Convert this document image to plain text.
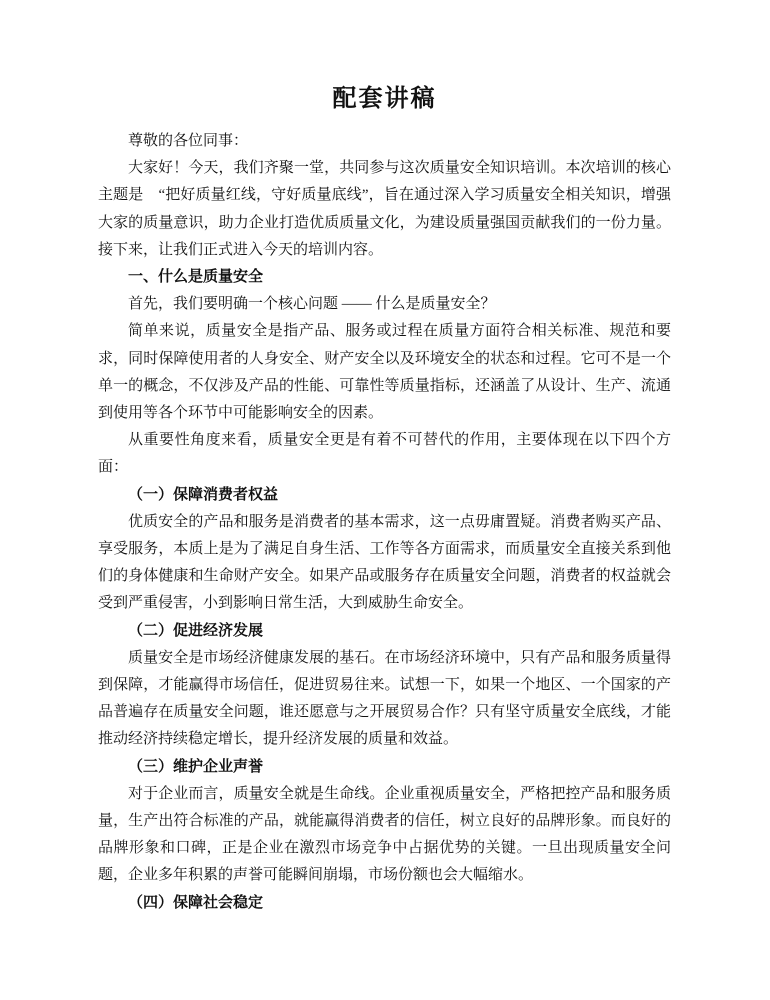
配套讲稿

尊敬的各位同事：

大家好！今天，我们齐聚一堂，共同参与这次质量安全知识培训。本次培训的核心主题是　“把好质量红线，守好质量底线”，旨在通过深入学习质量安全相关知识，增强大家的质量意识，助力企业打造优质质量文化，为建设质量强国贡献我们的一份力量。接下来，让我们正式进入今天的培训内容。

一、什么是质量安全

首先，我们要明确一个核心问题 —— 什么是质量安全？

简单来说，质量安全是指产品、服务或过程在质量方面符合相关标准、规范和要求，同时保障使用者的人身安全、财产安全以及环境安全的状态和过程。它可不是一个单一的概念，不仅涉及产品的性能、可靠性等质量指标，还涵盖了从设计、生产、流通到使用等各个环节中可能影响安全的因素。

从重要性角度来看，质量安全更是有着不可替代的作用，主要体现在以下四个方面：

（一）保障消费者权益

优质安全的产品和服务是消费者的基本需求，这一点毋庸置疑。消费者购买产品、享受服务，本质上是为了满足自身生活、工作等各方面需求，而质量安全直接关系到他们的身体健康和生命财产安全。如果产品或服务存在质量安全问题，消费者的权益就会受到严重侵害，小到影响日常生活，大到威胁生命安全。

（二）促进经济发展

质量安全是市场经济健康发展的基石。在市场经济环境中，只有产品和服务质量得到保障，才能赢得市场信任，促进贸易往来。试想一下，如果一个地区、一个国家的产品普遍存在质量安全问题，谁还愿意与之开展贸易合作？只有坚守质量安全底线，才能推动经济持续稳定增长，提升经济发展的质量和效益。

（三）维护企业声誉

对于企业而言，质量安全就是生命线。企业重视质量安全，严格把控产品和服务质量，生产出符合标准的产品，就能赢得消费者的信任，树立良好的品牌形象。而良好的品牌形象和口碑，正是企业在激烈市场竞争中占据优势的关键。一旦出现质量安全问题，企业多年积累的声誉可能瞬间崩塌，市场份额也会大幅缩水。

（四）保障社会稳定
